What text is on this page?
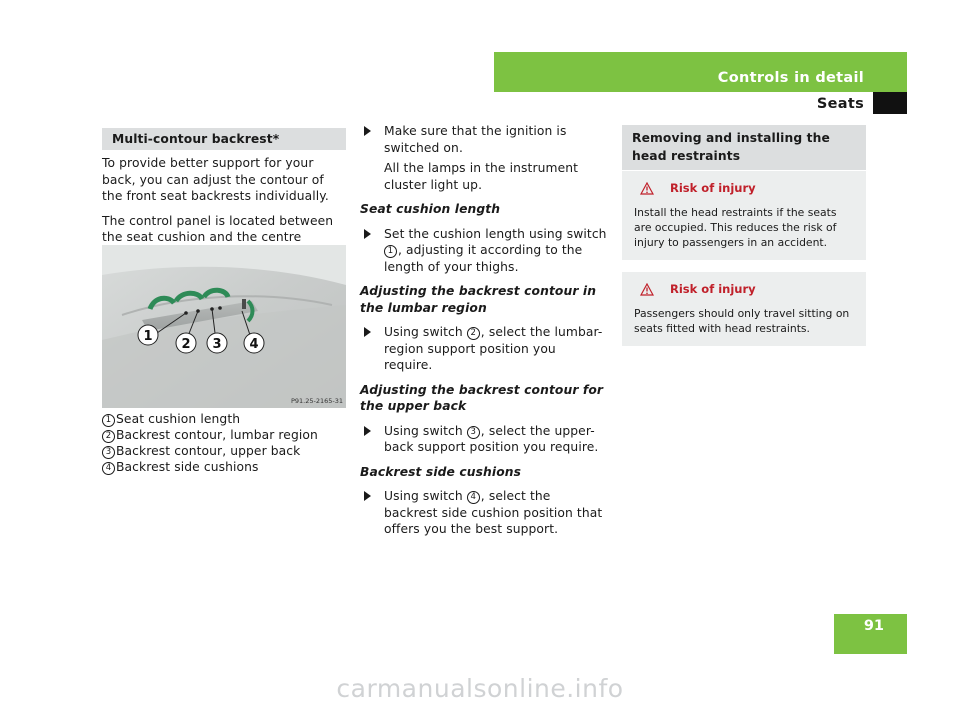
Controls in detail
Seats
Multi-contour backrest*

To provide better support for your back, you can adjust the contour of the front seat backrests individually.

The control panel is located between the seat cushion and the centre

1
2 3 4
P91.25-2165-31
1 Seat cushion length
2 Backrest contour, lumbar region
3 Backrest contour, upper back
4 Backrest side cushions
Make sure that the ignition is switched on.
All the lamps in the instrument cluster light up.
Seat cushion length
Set the cushion length using switch 1 , adjusting it according to the length of your thighs.
Adjusting the backrest contour in the lumbar region
Using switch 2 , select the lumbar-region support position you require.
Adjusting the backrest contour for the upper back
Using switch 3 , select the upper-back support position you require.
Backrest side cushions
Using switch 4 , select the backrest side cushion position that offers you the best support.
Removing and installing the head restraints
Risk of injury
Install the head restraints if the seats are occupied. This reduces the risk of injury to passengers in an accident.
Risk of injury
Passengers should only travel sitting on seats fitted with head restraints.
91
carmanualsonline.info
